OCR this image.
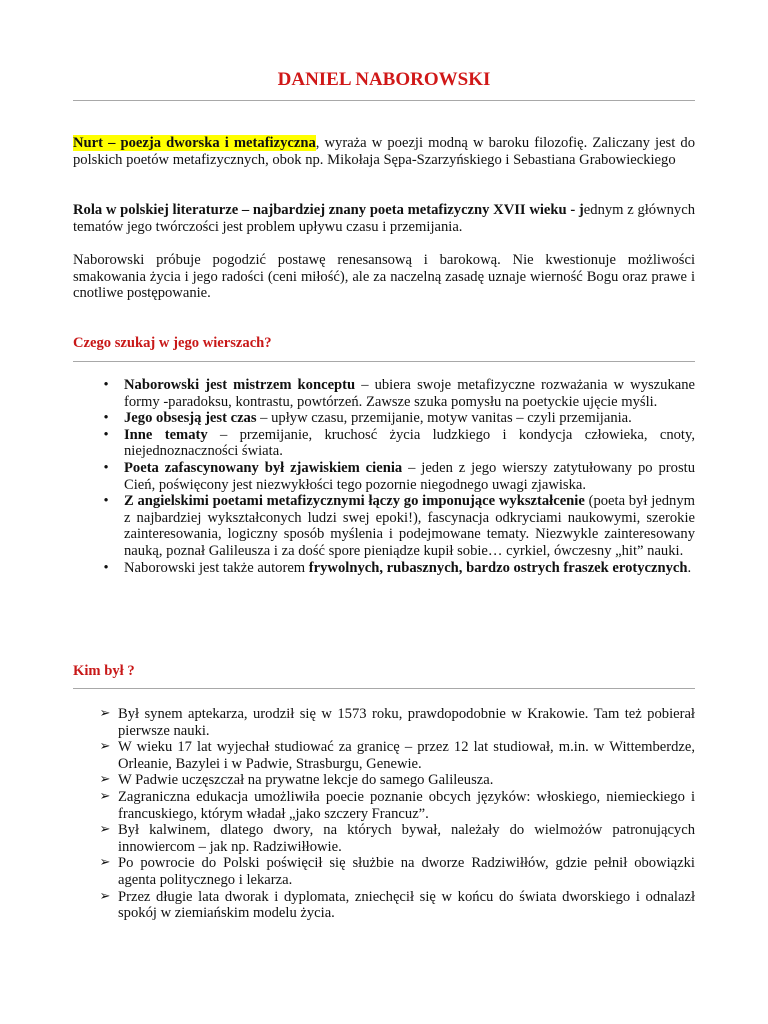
DANIEL NABOROWSKI

Nurt – poezja dworska i metafizyczna, wyraża w poezji modną w baroku filozofię. Zaliczany jest do polskich poetów metafizycznych, obok np. Mikołaja Sępa-Szarzyńskiego i Sebastiana Grabowieckiego

Rola w polskiej literaturze – najbardziej znany poeta metafizyczny XVII wieku - jednym z głównych tematów jego twórczości jest problem upływu czasu i przemijania.

Naborowski próbuje pogodzić postawę renesansową i barokową. Nie kwestionuje możliwości smakowania życia i jego radości (ceni miłość), ale za naczelną zasadę uznaje wierność Bogu oraz prawe i cnotliwe postępowanie.

Czego szukaj w jego wierszach?
•	Naborowski jest mistrzem konceptu – ubiera swoje metafizyczne rozważania w wyszukane formy -paradoksu, kontrastu, powtórzeń. Zawsze szuka pomysłu na poetyckie ujęcie myśli.
•	Jego obsesją jest czas – upływ czasu, przemijanie, motyw vanitas – czyli przemijania.
•	Inne tematy – przemijanie, kruchosć życia ludzkiego i kondycja człowieka, cnoty, niejednoznaczności świata.
•	Poeta zafascynowany był zjawiskiem cienia – jeden z jego wierszy zatytułowany po prostu Cień, poświęcony jest niezwykłości tego pozornie niegodnego uwagi zjawiska.
•	Z angielskimi poetami metafizycznymi łączy go imponujące wykształcenie (poeta był jednym z najbardziej wykształconych ludzi swej epoki!), fascynacja odkryciami naukowymi, szerokie zainteresowania, logiczny sposób myślenia i podejmowane tematy. Niezwykle zainteresowany nauką, poznał Galileusza i za dość spore pieniądze kupił sobie… cyrkiel, ówczesny „hit” nauki.
•	Naborowski jest także autorem frywolnych, rubasznych, bardzo ostrych fraszek erotycznych.
Kim był ?
➢ Był synem aptekarza, urodził się w 1573 roku, prawdopodobnie w Krakowie. Tam też pobierał pierwsze nauki.
➢ W wieku 17 lat wyjechał studiować za granicę – przez 12 lat studiował, m.in. w Wittemberdze, Orleanie, Bazylei i w Padwie, Strasburgu, Genewie.
➢ W Padwie uczęszczał na prywatne lekcje do samego Galileusza.
➢ Zagraniczna edukacja umożliwiła poecie poznanie obcych języków: włoskiego, niemieckiego i francuskiego, którym władał „jako szczery Francuz”.
➢ Był kalwinem, dlatego dwory, na których bywał, należały do wielmożów patronujących innowiercom – jak np. Radziwiłłowie.
➢ Po powrocie do Polski poświęcił się służbie na dworze Radziwiłłów, gdzie pełnił obowiązki agenta politycznego i lekarza.
➢ Przez długie lata dworak i dyplomata, zniechęcił się w końcu do świata dworskiego i odnalazł spokój w ziemiańskim modelu życia.
